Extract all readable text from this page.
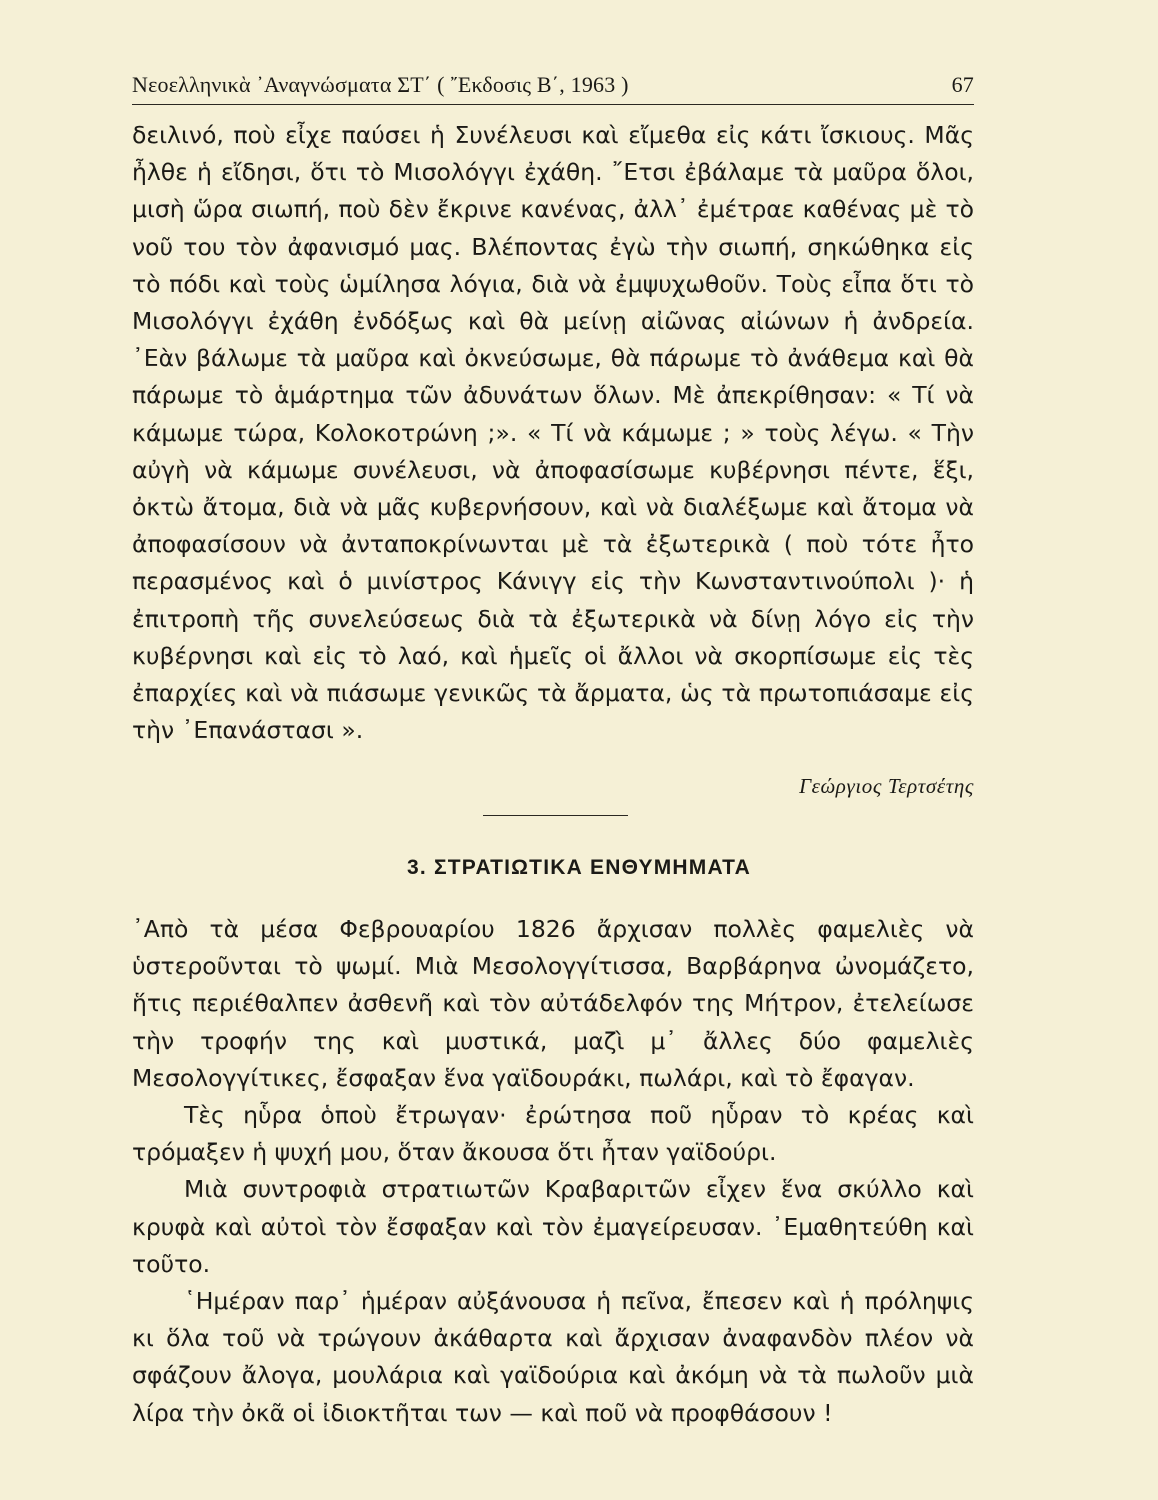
Νεοελληνικὰ ᾿Αναγνώσματα ΣΤ΄ ( ῎Εκδοσις Β΄, 1963 )	67

δειλινό, ποὺ εἶχε παύσει ἡ Συνέλευσι καὶ εἴμεθα εἰς κάτι ἴσκιους. Μᾶς ἦλθε ἡ εἴδησι, ὅτι τὸ Μισολόγγι ἐχάθη. ῎Ετσι ἐβάλαμε τὰ μαῦρα ὅλοι, μισὴ ὥρα σιωπή, ποὺ δὲν ἔκρινε κανένας, ἀλλ᾿ ἐμέτραε καθένας μὲ τὸ νοῦ του τὸν ἀφανισμό μας. Βλέποντας ἐγὼ τὴν σιωπή, σηκώθηκα εἰς τὸ πόδι καὶ τοὺς ὡμίλησα λόγια, διὰ νὰ ἐμψυχωθοῦν. Τοὺς εἶπα ὅτι τὸ Μισολόγγι ἐχάθη ἐνδόξως καὶ θὰ μείνῃ αἰῶνας αἰώνων ἡ ἀνδρεία. ᾿Εὰν βάλωμε τὰ μαῦρα καὶ ὀκνεύσωμε, θὰ πάρωμε τὸ ἀνάθεμα καὶ θὰ πάρωμε τὸ ἁμάρτημα τῶν ἀδυνάτων ὅλων. Μὲ ἀπεκρίθησαν: « Τί νὰ κάμωμε τώρα, Κολοκοτρώνη ;». « Τί νὰ κάμωμε ; » τοὺς λέγω. « Τὴν αὐγὴ νὰ κάμωμε συνέλευσι, νὰ ἀποφασίσωμε κυβέρνησι πέντε, ἕξι, ὀκτὼ ἄτομα, διὰ νὰ μᾶς κυβερνήσουν, καὶ νὰ διαλέξωμε καὶ ἄτομα νὰ ἀποφασίσουν νὰ ἀνταποκρίνωνται μὲ τὰ ἐξωτερικὰ ( ποὺ τότε ἦτο περασμένος καὶ ὁ μινίστρος Κάνιγγ εἰς τὴν Κωνσταντινούπολι )· ἡ ἐπιτροπὴ τῆς συνελεύσεως διὰ τὰ ἐξωτερικὰ νὰ δίνῃ λόγο εἰς τὴν κυβέρνησι καὶ εἰς τὸ λαό, καὶ ἡμεῖς οἱ ἄλλοι νὰ σκορπίσωμε εἰς τὲς ἐπαρχίες καὶ νὰ πιάσωμε γενικῶς τὰ ἄρματα, ὡς τὰ πρωτοπιάσαμε εἰς τὴν ᾿Επανάστασι ».

Γεώργιος Τερτσέτης
3. ΣΤΡΑΤΙΩΤΙΚΑ ΕΝΘΥΜΗΜΑΤΑ

᾿Απὸ τὰ μέσα Φεβρουαρίου 1826 ἄρχισαν πολλὲς φαμελιὲς νὰ ὑστεροῦνται τὸ ψωμί. Μιὰ Μεσολογγίτισσα, Βαρβάρηνα ὠνομάζετο, ἥτις περιέθαλπεν ἀσθενῆ καὶ τὸν αὐτάδελφόν της Μήτρον, ἐτελείωσε τὴν τροφήν της καὶ μυστικά, μαζὶ μ᾿ ἄλλες δύο φαμελιὲς Μεσολογγίτικες, ἔσφαξαν ἕνα γαϊδουράκι, πωλάρι, καὶ τὸ ἔφαγαν.

Τὲς ηὗρα ὁποὺ ἔτρωγαν· ἐρώτησα ποῦ ηὗραν τὸ κρέας καὶ τρόμαξεν ἡ ψυχή μου, ὅταν ἄκουσα ὅτι ἦταν γαϊδούρι.

Μιὰ συντροφιὰ στρατιωτῶν Κραβαριτῶν εἶχεν ἕνα σκύλλο καὶ κρυφὰ καὶ αὐτοὶ τὸν ἔσφαξαν καὶ τὸν ἐμαγείρευσαν. ᾿Εμαθητεύθη καὶ τοῦτο.

῾Ημέραν παρ᾿ ἡμέραν αὐξάνουσα ἡ πεῖνα, ἔπεσεν καὶ ἡ πρόληψις κι ὅλα τοῦ νὰ τρώγουν ἀκάθαρτα καὶ ἄρχισαν ἀναφανδὸν πλέον νὰ σφάζουν ἄλογα, μουλάρια καὶ γαϊδούρια καὶ ἀκόμη νὰ τὰ πωλοῦν μιὰ λίρα τὴν ὀκᾶ οἱ ἰδιοκτῆται των — καὶ ποῦ νὰ προφθάσουν !
